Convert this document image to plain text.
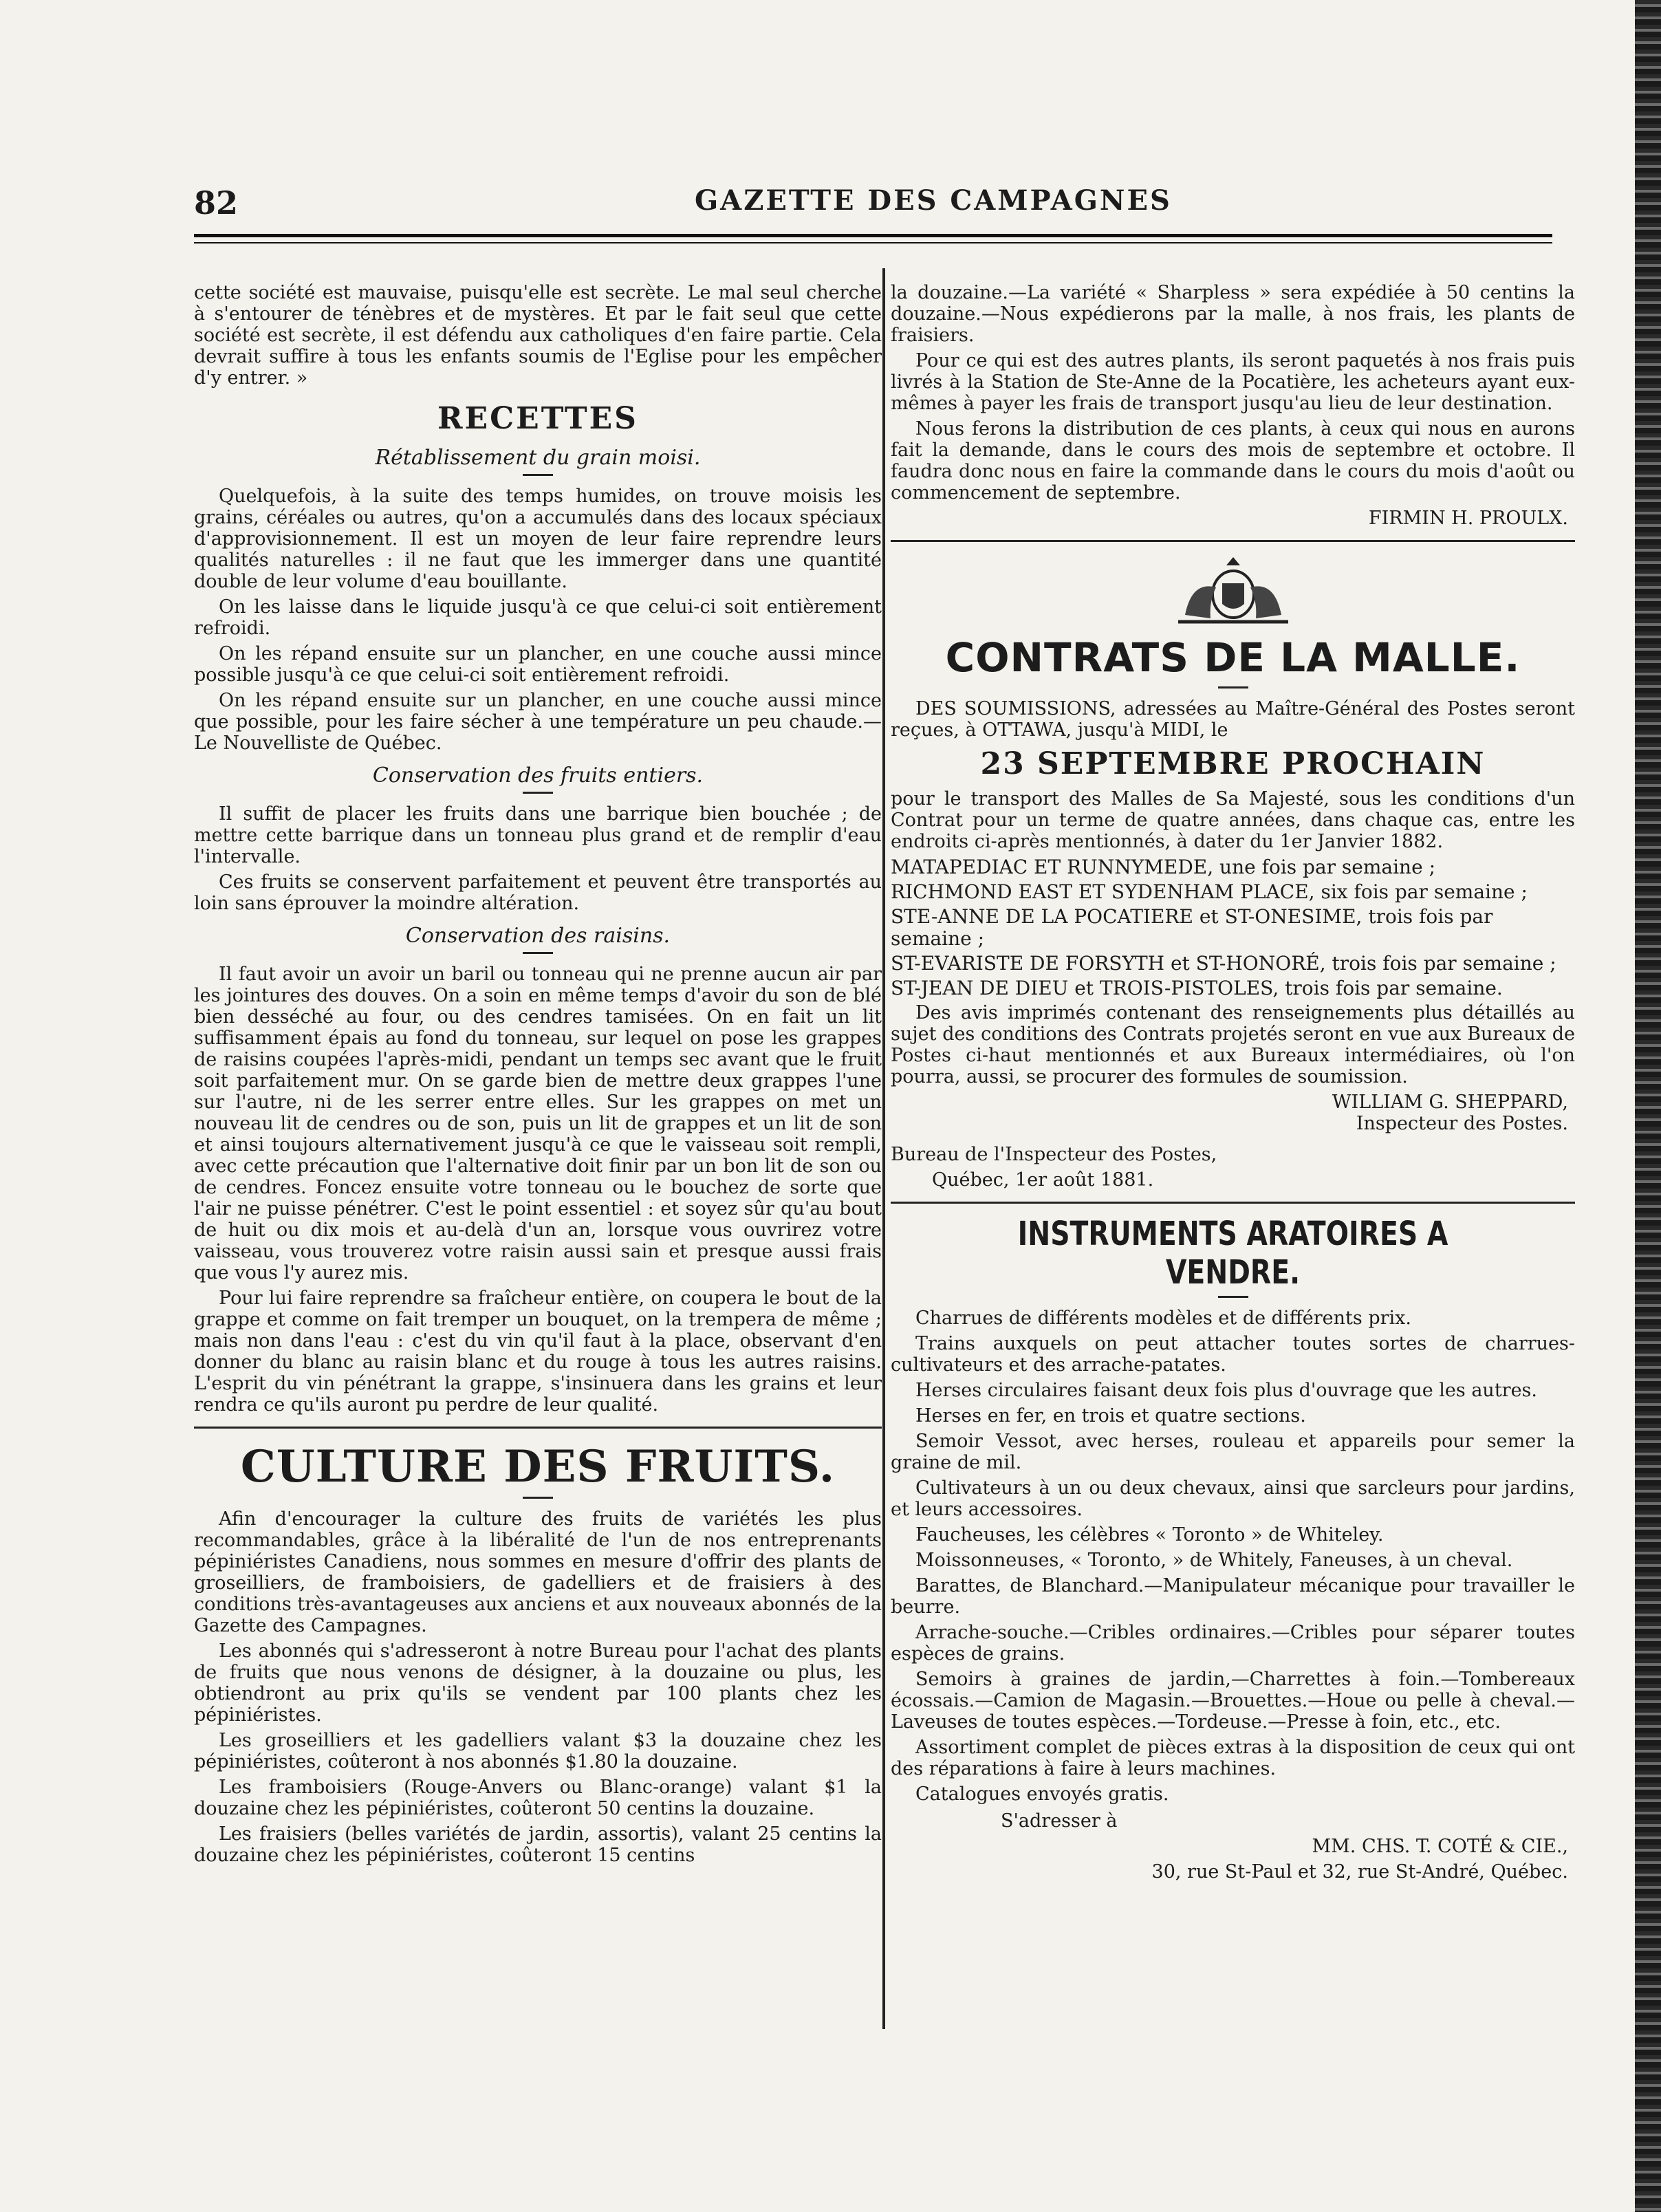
82	GAZETTE DES CAMPAGNES

cette société est mauvaise, puisqu'elle est secrète. Le mal seul cherche à s'entourer de ténèbres et de mystères. Et par le fait seul que cette société est secrète, il est défendu aux catholiques d'en faire partie. Cela devrait suffire à tous les enfants soumis de l'Eglise pour les empêcher d'y entrer. »

RECETTES
Rétablissement du grain moisi.

Quelquefois, à la suite des temps humides, on trouve moisis les grains, céréales ou autres, qu'on a accumulés dans des locaux spéciaux d'approvisionnement. Il est un moyen de leur faire reprendre leurs qualités naturelles : il ne faut que les immerger dans une quantité double de leur volume d'eau bouillante.

On les laisse dans le liquide jusqu'à ce que celui-ci soit entièrement refroidi.

On les répand ensuite sur un plancher, en une couche aussi mince possible jusqu'à ce que celui-ci soit entièrement refroidi.

On les répand ensuite sur un plancher, en une couche aussi mince que possible, pour les faire sécher à une température un peu chaude.—Le Nouvelliste de Québec.

Conservation des fruits entiers.

Il suffit de placer les fruits dans une barrique bien bouchée ; de mettre cette barrique dans un tonneau plus grand et de remplir d'eau l'intervalle.

Ces fruits se conservent parfaitement et peuvent être transportés au loin sans éprouver la moindre altération.

Conservation des raisins.

Il faut avoir un avoir un baril ou tonneau qui ne prenne aucun air par les jointures des douves. On a soin en même temps d'avoir du son de blé bien desséché au four, ou des cendres tamisées. On en fait un lit suffisamment épais au fond du tonneau, sur lequel on pose les grappes de raisins coupées l'après-midi, pendant un temps sec avant que le fruit soit parfaitement mur. On se garde bien de mettre deux grappes l'une sur l'autre, ni de les serrer entre elles. Sur les grappes on met un nouveau lit de cendres ou de son, puis un lit de grappes et un lit de son et ainsi toujours alternativement jusqu'à ce que le vaisseau soit rempli, avec cette précaution que l'alternative doit finir par un bon lit de son ou de cendres. Foncez ensuite votre tonneau ou le bouchez de sorte que l'air ne puisse pénétrer. C'est le point essentiel : et soyez sûr qu'au bout de huit ou dix mois et au-delà d'un an, lorsque vous ouvrirez votre vaisseau, vous trouverez votre raisin aussi sain et presque aussi frais que vous l'y aurez mis.

Pour lui faire reprendre sa fraîcheur entière, on coupera le bout de la grappe et comme on fait tremper un bouquet, on la trempera de même ; mais non dans l'eau : c'est du vin qu'il faut à la place, observant d'en donner du blanc au raisin blanc et du rouge à tous les autres raisins. L'esprit du vin pénétrant la grappe, s'insinuera dans les grains et leur rendra ce qu'ils auront pu perdre de leur qualité.

CULTURE DES FRUITS.

Afin d'encourager la culture des fruits de variétés les plus recommandables, grâce à la libéralité de l'un de nos entreprenants pépiniéristes Canadiens, nous sommes en mesure d'offrir des plants de groseilliers, de framboisiers, de gadelliers et de fraisiers à des conditions très-avantageuses aux anciens et aux nouveaux abonnés de la Gazette des Campagnes.

Les abonnés qui s'adresseront à notre Bureau pour l'achat des plants de fruits que nous venons de désigner, à la douzaine ou plus, les obtiendront au prix qu'ils se vendent par 100 plants chez les pépiniéristes.

Les groseilliers et les gadelliers valant $3 la douzaine chez les pépiniéristes, coûteront à nos abonnés $1.80 la douzaine.

Les framboisiers (Rouge-Anvers ou Blanc-orange) valant $1 la douzaine chez les pépiniéristes, coûteront 50 centins la douzaine.

Les fraisiers (belles variétés de jardin, assortis), valant 25 centins la douzaine chez les pépiniéristes, coûteront 15 centins

la douzaine.—La variété « Sharpless » sera expédiée à 50 centins la douzaine.—Nous expédierons par la malle, à nos frais, les plants de fraisiers.

Pour ce qui est des autres plants, ils seront paquetés à nos frais puis livrés à la Station de Ste-Anne de la Pocatière, les acheteurs ayant eux-mêmes à payer les frais de transport jusqu'au lieu de leur destination.

Nous ferons la distribution de ces plants, à ceux qui nous en aurons fait la demande, dans le cours des mois de septembre et octobre. Il faudra donc nous en faire la commande dans le cours du mois d'août ou commencement de septembre.

FIRMIN H. PROULX.
CONTRATS DE LA MALLE.

DES SOUMISSIONS, adressées au Maître-Général des Postes seront reçues, à OTTAWA, jusqu'à MIDI, le

23 SEPTEMBRE PROCHAIN

pour le transport des Malles de Sa Majesté, sous les conditions d'un Contrat pour un terme de quatre années, dans chaque cas, entre les endroits ci-après mentionnés, à dater du 1er Janvier 1882.

MATAPEDIAC ET RUNNYMEDE, une fois par semaine ;
RICHMOND EAST ET SYDENHAM PLACE, six fois par semaine ;
STE-ANNE DE LA POCATIERE et ST-ONESIME, trois fois par semaine ;
ST-EVARISTE DE FORSYTH et ST-HONORÉ, trois fois par semaine ;
ST-JEAN DE DIEU et TROIS-PISTOLES, trois fois par semaine.

Des avis imprimés contenant des renseignements plus détaillés au sujet des conditions des Contrats projetés seront en vue aux Bureaux de Postes ci-haut mentionnés et aux Bureaux intermédiaires, où l'on pourra, aussi, se procurer des formules de soumission.

WILLIAM G. SHEPPARD,
Inspecteur des Postes.

Bureau de l'Inspecteur des Postes,

Québec, 1er août 1881.

INSTRUMENTS ARATOIRES A VENDRE.

Charrues de différents modèles et de différents prix.

Trains auxquels on peut attacher toutes sortes de charrues-cultivateurs et des arrache-patates.

Herses circulaires faisant deux fois plus d'ouvrage que les autres.

Herses en fer, en trois et quatre sections.

Semoir Vessot, avec herses, rouleau et appareils pour semer la graine de mil.

Cultivateurs à un ou deux chevaux, ainsi que sarcleurs pour jardins, et leurs accessoires.

Faucheuses, les célèbres « Toronto » de Whiteley.

Moissonneuses, « Toronto, » de Whitely, Faneuses, à un cheval.

Barattes, de Blanchard.—Manipulateur mécanique pour travailler le beurre.

Arrache-souche.—Cribles ordinaires.—Cribles pour séparer toutes espèces de grains.

Semoirs à graines de jardin,—Charrettes à foin.—Tombereaux écossais.—Camion de Magasin.—Brouettes.—Houe ou pelle à cheval.—Laveuses de toutes espèces.—Tordeuse.—Presse à foin, etc., etc.

Assortiment complet de pièces extras à la disposition de ceux qui ont des réparations à faire à leurs machines.

Catalogues envoyés gratis.

S'adresser à

MM. CHS. T. COTÉ & CIE.,
30, rue St-Paul et 32, rue St-André, Québec.
